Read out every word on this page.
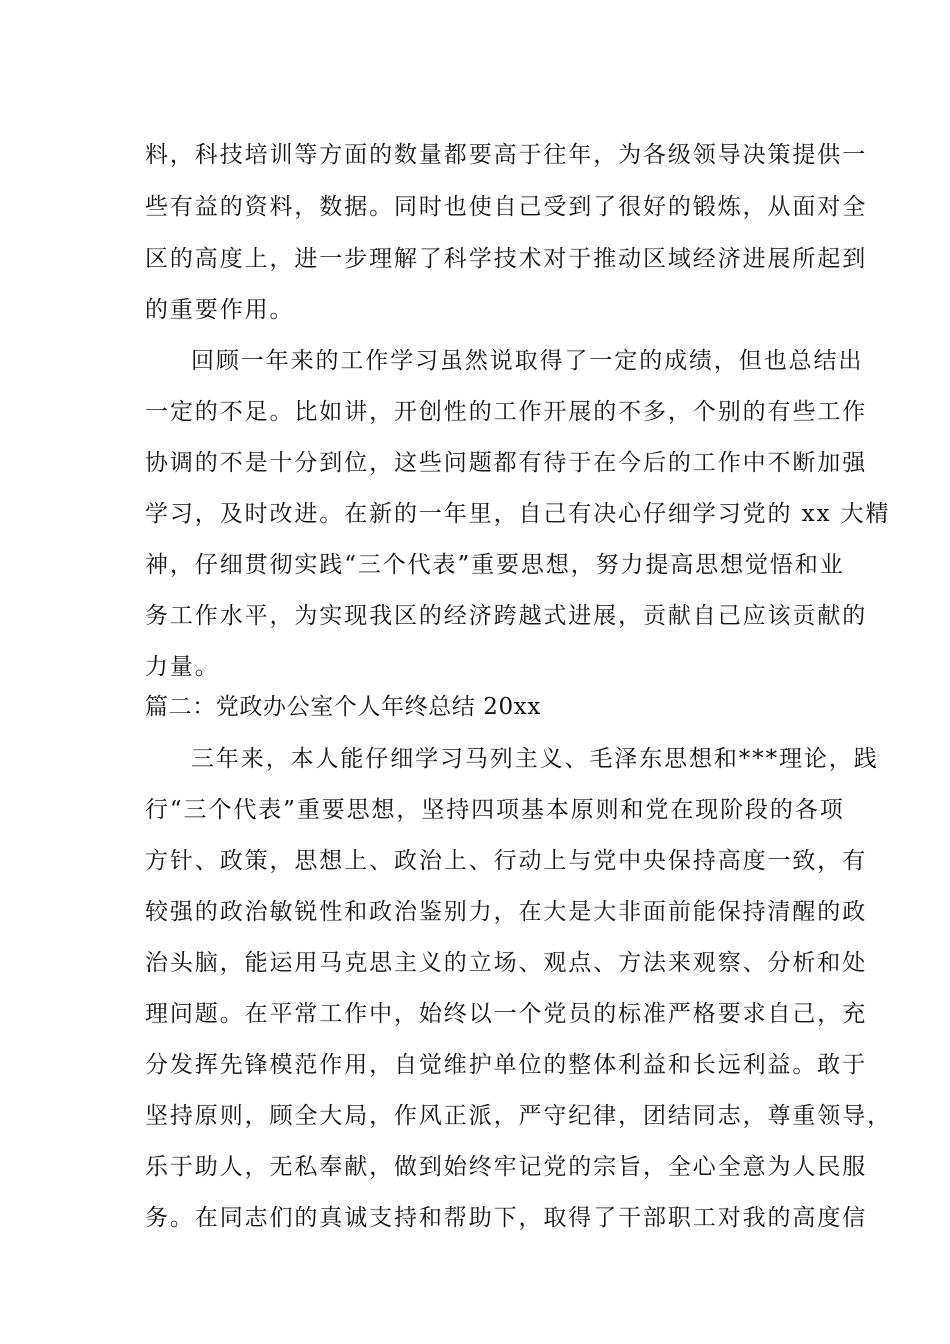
料，科技培训等方面的数量都要高于往年，为各级领导决策提供一
些有益的资料，数据。同时也使自己受到了很好的锻炼，从面对全
区的高度上，进一步理解了科学技术对于推动区域经济进展所起到
的重要作用。
回顾一年来的工作学习虽然说取得了一定的成绩，但也总结出
一定的不足。比如讲，开创性的工作开展的不多，个别的有些工作
协调的不是十分到位，这些问题都有待于在今后的工作中不断加强
学习，及时改进。在新的一年里，自己有决心仔细学习党的 xx 大精
神，仔细贯彻实践“三个代表”重要思想，努力提高思想觉悟和业
务工作水平，为实现我区的经济跨越式进展，贡献自己应该贡献的
力量。
篇二：党政办公室个人年终总结 20xx
三年来，本人能仔细学习马列主义、毛泽东思想和***理论，践
行“三个代表”重要思想，坚持四项基本原则和党在现阶段的各项
方针、政策，思想上、政治上、行动上与党中央保持高度一致，有
较强的政治敏锐性和政治鉴别力，在大是大非面前能保持清醒的政
治头脑，能运用马克思主义的立场、观点、方法来观察、分析和处
理问题。在平常工作中，始终以一个党员的标准严格要求自己，充
分发挥先锋模范作用，自觉维护单位的整体利益和长远利益。敢于
坚持原则，顾全大局，作风正派，严守纪律，团结同志，尊重领导，
乐于助人，无私奉献，做到始终牢记党的宗旨，全心全意为人民服
务。在同志们的真诚支持和帮助下，取得了干部职工对我的高度信
